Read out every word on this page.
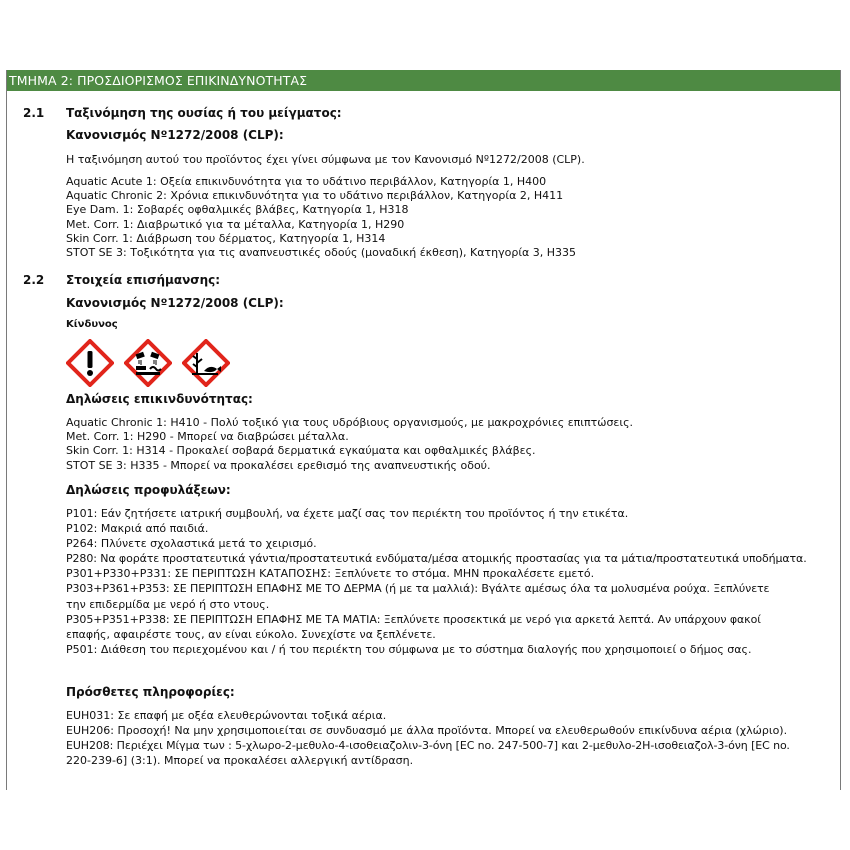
ΤΜΗΜΑ 2: ΠΡΟΣΔΙΟΡΙΣΜΟΣ ΕΠΙΚΙΝΔΥΝΟΤΗΤΑΣ
2.1 Ταξινόμηση της ουσίας ή του μείγματος:
Κανονισμός Nº1272/2008 (CLP):
Η ταξινόμηση αυτού του προϊόντος έχει γίνει σύμφωνα με τον Κανονισμό Nº1272/2008 (CLP).
Aquatic Acute 1: Οξεία επικινδυνότητα για το υδάτινο περιβάλλον, Κατηγορία 1, H400
Aquatic Chronic 2: Χρόνια επικινδυνότητα για το υδάτινο περιβάλλον, Κατηγορία 2, H411
Eye Dam. 1: Σοβαρές οφθαλμικές βλάβες, Κατηγορία 1, H318
Met. Corr. 1: Διαβρωτικό για τα μέταλλα, Κατηγορία 1, H290
Skin Corr. 1: Διάβρωση του δέρματος, Κατηγορία 1, H314
STOT SE 3: Τοξικότητα για τις αναπνευστικές οδούς (μοναδική έκθεση), Κατηγορία 3, H335
2.2 Στοιχεία επισήμανσης:
Κανονισμός Nº1272/2008 (CLP):
Κίνδυνος
Δηλώσεις επικινδυνότητας:
Aquatic Chronic 1: H410 - Πολύ τοξικό για τους υδρόβιους οργανισμούς, με μακροχρόνιες επιπτώσεις.
Met. Corr. 1: H290 - Μπορεί να διαβρώσει μέταλλα.
Skin Corr. 1: H314 - Προκαλεί σοβαρά δερματικά εγκαύματα και οφθαλμικές βλάβες.
STOT SE 3: H335 - Μπορεί να προκαλέσει ερεθισμό της αναπνευστικής οδού.
Δηλώσεις προφυλάξεων:
P101: Εάν ζητήσετε ιατρική συμβουλή, να έχετε μαζί σας τον περιέκτη του προϊόντος ή την ετικέτα.
P102: Μακριά από παιδιά.
P264: Πλύνετε σχολαστικά μετά το χειρισμό.
P280: Να φοράτε προστατευτικά γάντια/προστατευτικά ενδύματα/μέσα ατομικής προστασίας για τα μάτια/προστατευτικά υποδήματα.
P301+P330+P331: ΣΕ ΠΕΡΙΠΤΩΣΗ ΚΑΤΑΠΟΣΗΣ: Ξεπλύνετε το στόμα. ΜΗΝ προκαλέσετε εμετό.
P303+P361+P353: ΣΕ ΠΕΡΙΠΤΩΣΗ ΕΠΑΦΗΣ ΜΕ ΤΟ ΔΕΡΜΑ (ή με τα μαλλιά): Βγάλτε αμέσως όλα τα μολυσμένα ρούχα. Ξεπλύνετε
την επιδερμίδα με νερό ή στο ντους.
P305+P351+P338: ΣΕ ΠΕΡΙΠΤΩΣΗ ΕΠΑΦΗΣ ΜΕ ΤΑ ΜΑΤΙΑ: Ξεπλύνετε προσεκτικά με νερό για αρκετά λεπτά. Αν υπάρχουν φακοί
επαφής, αφαιρέστε τους, αν είναι εύκολο. Συνεχίστε να ξεπλένετε.
P501: Διάθεση του περιεχομένου και / ή του περιέκτη του σύμφωνα με το σύστημα διαλογής που χρησιμοποιεί ο δήμος σας.
Πρόσθετες πληροφορίες:
EUH031: Σε επαφή με οξέα ελευθερώνονται τοξικά αέρια.
EUH206: Προσοχή! Να μην χρησιμοποιείται σε συνδυασμό με άλλα προϊόντα. Μπορεί να ελευθερωθούν επικίνδυνα αέρια (χλώριο).
EUH208: Περιέχει Μίγμα των : 5-χλωρο-2-μεθυλο-4-ισοθειαζολιν-3-όνη [EC no. 247-500-7] και 2-μεθυλο-2H-ισοθειαζολ-3-όνη [EC no.
220-239-6] (3:1). Μπορεί να προκαλέσει αλλεργική αντίδραση.
